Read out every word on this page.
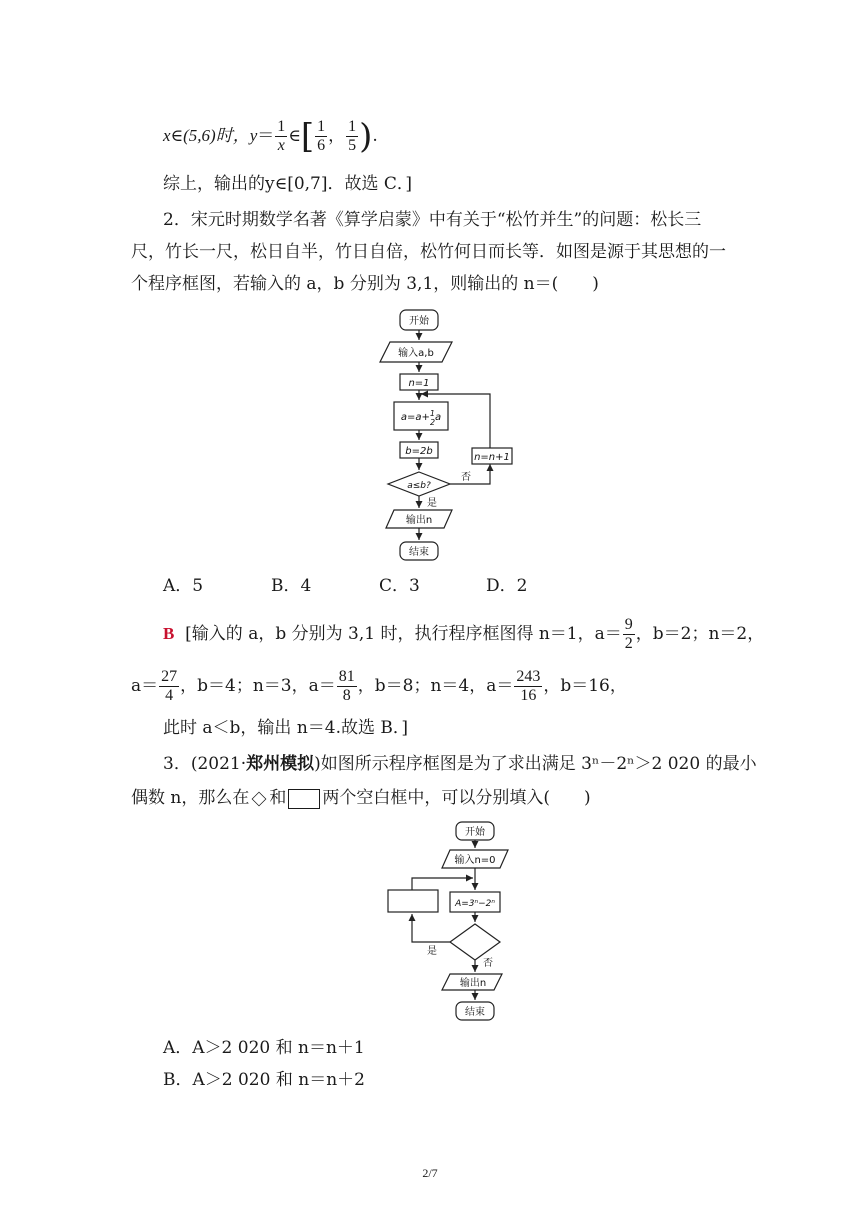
x∈(5,6)时，$y= \frac{1}{x}$ ∈[ $\frac{1}{6}$ ， $\frac{1}{5}$ ).
综上，输出的y∈[0,7]．故选 C．]
2．宋元时期数学名著《算学启蒙》中有关于“松竹并生”的问题：松长三
尺，竹长一尺，松日自半，竹日自倍，松竹何日而长等．如图是源于其思想的一
个程序框图，若输入的 a，b 分别为 3,1，则输出的 n＝(　　)
开始
输入a,b
n=1
a=a+$^1$ 2a
b=2b
a≤b?
n=n+1
否
是
输出n
结束
A．5	B．4	C．3	D．2
B [输入的 a，b 分别为 3,1 时，执行程序框图得 n＝1，$a= \frac{9}{2}$ ，b＝2；n＝2，
$a= \frac{27}{4}$ ，b＝4；n＝3，$a= \frac{81}{8}$ ，b＝8；n＝4，$a= \frac{243}{16}$ ，b＝16，
此时 a＜b，输出 n＝4.故选 B．]
3．(2021·郑州模拟)如图所示程序框图是为了求出满足 3ⁿ－2ⁿ＞2 020 的最小
偶数 n，那么在 和 两个空白框中，可以分别填入(　　)
开始
输入n=0
A=3ⁿ−2ⁿ
是
否
输出n
结束
A．A＞2 020 和 n＝n＋1
B．A＞2 020 和 n＝n＋2
2/7
